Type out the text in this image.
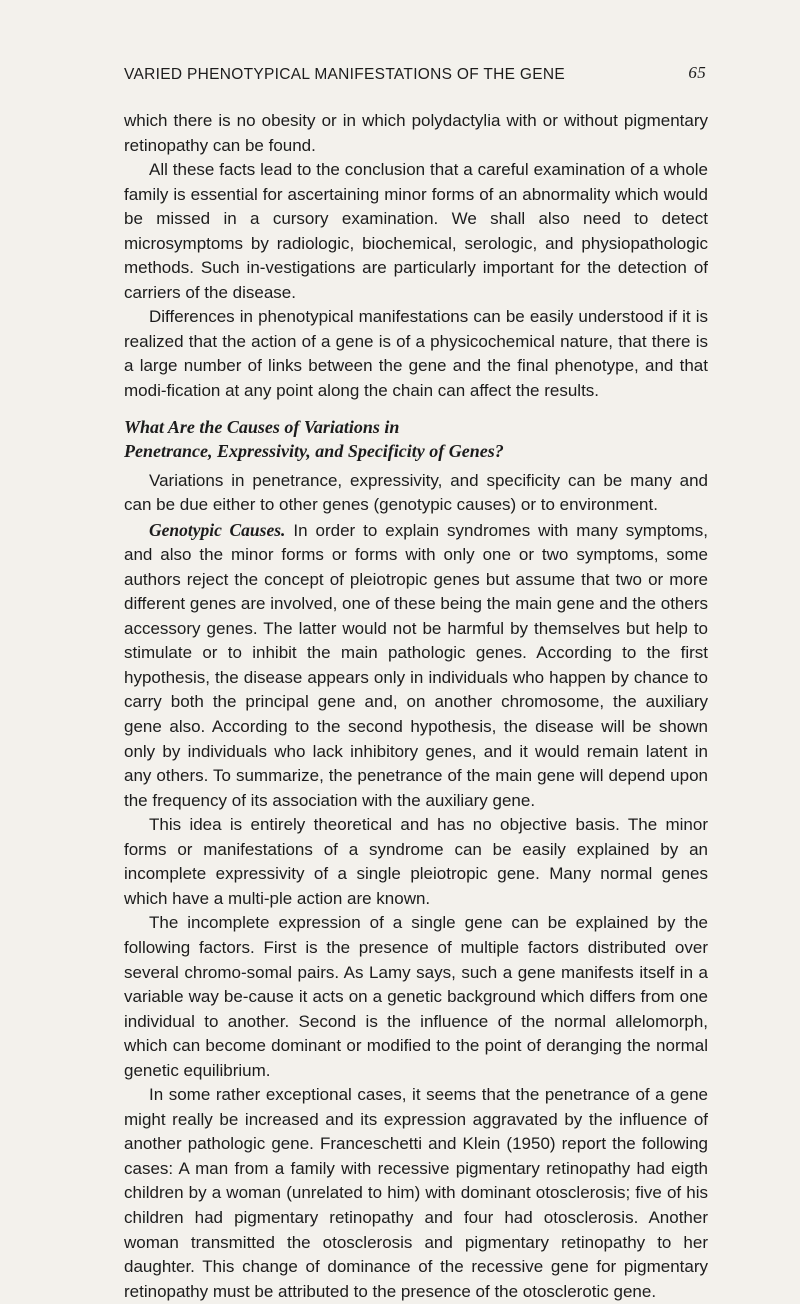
VARIED PHENOTYPICAL MANIFESTATIONS OF THE GENE	65

which there is no obesity or in which polydactylia with or without pigmentary retinopathy can be found.

All these facts lead to the conclusion that a careful examination of a whole family is essential for ascertaining minor forms of an abnormality which would be missed in a cursory examination. We shall also need to detect microsymptoms by radiologic, biochemical, serologic, and physiopathologic methods. Such in-vestigations are particularly important for the detection of carriers of the disease.

Differences in phenotypical manifestations can be easily understood if it is realized that the action of a gene is of a physicochemical nature, that there is a large number of links between the gene and the final phenotype, and that modi-fication at any point along the chain can affect the results.

What Are the Causes of Variations in
Penetrance, Expressivity, and Specificity of Genes?

Variations in penetrance, expressivity, and specificity can be many and can be due either to other genes (genotypic causes) or to environment.

Genotypic Causes. In order to explain syndromes with many symptoms, and also the minor forms or forms with only one or two symptoms, some authors reject the concept of pleiotropic genes but assume that two or more different genes are involved, one of these being the main gene and the others accessory genes. The latter would not be harmful by themselves but help to stimulate or to inhibit the main pathologic genes. According to the first hypothesis, the disease appears only in individuals who happen by chance to carry both the principal gene and, on another chromosome, the auxiliary gene also. According to the second hypothesis, the disease will be shown only by individuals who lack inhibitory genes, and it would remain latent in any others. To summarize, the penetrance of the main gene will depend upon the frequency of its association with the auxiliary gene.

This idea is entirely theoretical and has no objective basis. The minor forms or manifestations of a syndrome can be easily explained by an incomplete expressivity of a single pleiotropic gene. Many normal genes which have a multi-ple action are known.

The incomplete expression of a single gene can be explained by the following factors. First is the presence of multiple factors distributed over several chromo-somal pairs. As Lamy says, such a gene manifests itself in a variable way be-cause it acts on a genetic background which differs from one individual to another. Second is the influence of the normal allelomorph, which can become dominant or modified to the point of deranging the normal genetic equilibrium.

In some rather exceptional cases, it seems that the penetrance of a gene might really be increased and its expression aggravated by the influence of another pathologic gene. Franceschetti and Klein (1950) report the following cases: A man from a family with recessive pigmentary retinopathy had eigth children by a woman (unrelated to him) with dominant otosclerosis; five of his children had pigmentary retinopathy and four had otosclerosis. Another woman transmitted the otosclerosis and pigmentary retinopathy to her daughter. This change of dominance of the recessive gene for pigmentary retinopathy must be attributed to the presence of the otosclerotic gene.
